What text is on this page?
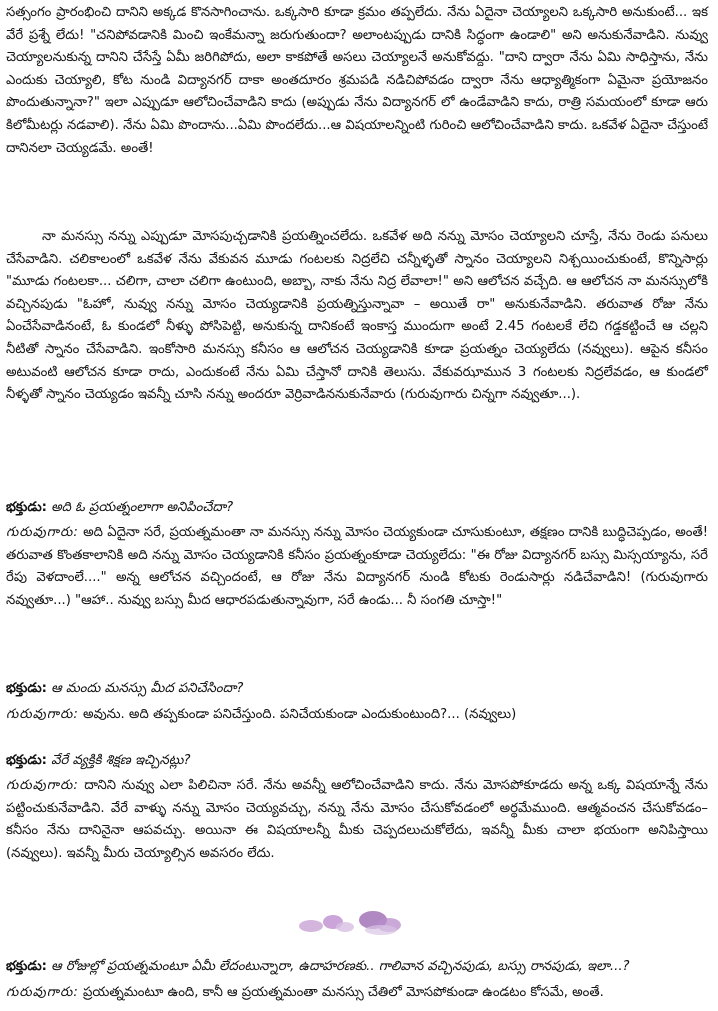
సత్సంగం ప్రారంభించి దానిని అక్కడ కొనసాగించాను. ఒక్కసారి కూడా క్రమం తప్పలేదు. నేను ఏదైనా చెయ్యాలని ఒక్కసారి అనుకుంటే... ఇక వేరే ప్రశ్నే లేదు! "చనిపోవడానికి మించి ఇంకేమన్నా జరుగుతుందా? అలాంటప్పుడు దానికి సిద్ధంగా ఉండాలి" అని అనుకునేవాడిని. నువ్వు చెయ్యాలనుకున్న దానిని చేసేస్తే ఏమీ జరిగిపోదు, అలా కాకపోతే అసలు చెయ్యాలనే అనుకోవద్దు. "దాని ద్వారా నేను ఏమి సాధిస్తాను, నేను ఎందుకు చెయ్యాలి, కోట నుండి విద్యానగర్ దాకా అంతదూరం శ్రమపడి నడిచిపోవడం ద్వారా నేను ఆధ్యాత్మికంగా ఏమైనా ప్రయోజనం పొందుతున్నానా?" ఇలా ఎప్పుడూ ఆలోచించేవాడిని కాదు (అప్పుడు నేను విద్యానగర్ లో ఉండేవాడిని కాదు, రాత్రి సమయంలో కూడా ఆరు కిలోమీటర్లు నడవాలి). నేను ఏమి పొందాను...ఏమి పొందలేదు...ఆ విషయాలన్నింటి గురించి ఆలోచించేవాడిని కాదు. ఒకవేళ ఏదైనా చేస్తుంటే దానినలా చెయ్యడమే. అంతే!

నా మనస్సు నన్ను ఎప్పుడూ మోసపుచ్చడానికి ప్రయత్నించలేదు. ఒకవేళ అది నన్ను మోసం చెయ్యాలని చూస్తే, నేను రెండు పనులు చేసేవాడిని. చలికాలంలో ఒకవేళ నేను వేకువన మూడు గంటలకు నిద్రలేచి చన్నీళ్ళతో స్నానం చెయ్యాలని నిశ్చయించుకుంటే, కొన్నిసార్లు "మూడు గంటలకా... చలిగా, చాలా చలిగా ఉంటుంది, అబ్బా, నాకు నేను నిద్ర లేవాలా!" అని ఆలోచన వచ్చేది. ఆ ఆలోచన నా మనస్సులోకి వచ్చినపుడు "ఓహో, నువ్వు నన్ను మోసం చెయ్యడానికి ప్రయత్నిస్తున్నావా – అయితే రా" అనుకునేవాడిని. తరువాత రోజు నేను ఏంచేసేవాడినంటే, ఓ కుండలో నీళ్ళు పోసిపెట్టి, అనుకున్న దానికంటే ఇంకాస్త ముందుగా అంటే 2.45 గంటలకే లేచి గడ్డకట్టించే ఆ చల్లని నీటితో స్నానం చేసేవాడిని. ఇంకోసారి మనస్సు కనీసం ఆ ఆలోచన చెయ్యడానికి కూడా ప్రయత్నం చెయ్యలేదు (నవ్వులు). ఆపైన కనీసం అటువంటి ఆలోచన కూడా రాదు, ఎందుకంటే నేను ఏమి చేస్తానో దానికి తెలుసు. వేకువఝామున 3 గంటలకు నిద్రలేవడం, ఆ కుండలో నీళ్ళతో స్నానం చెయ్యడం ఇవన్నీ చూసి నన్ను అందరూ వెర్రివాడిననుకునేవారు (గురువుగారు చిన్నగా నవ్వుతూ...).

భక్తుడు: అది ఓ ప్రయత్నంలాగా అనిపించేదా?

గురువుగారు: అది ఏదైనా సరే, ప్రయత్నమంతా నా మనస్సు నన్ను మోసం చెయ్యకుండా చూసుకుంటూ, తక్షణం దానికి బుద్ధిచెప్పడం, అంతే! తరువాత కొంతకాలానికి అది నన్ను మోసం చెయ్యడానికి కనీసం ప్రయత్నంకూడా చెయ్యలేదు: "ఈ రోజు విద్యానగర్ బస్సు మిస్సయ్యాను, సరే రేపు వెళదాంలే...." అన్న ఆలోచన వచ్చిందంటే, ఆ రోజు నేను విద్యానగర్ నుండి కోటకు రెండుసార్లు నడిచేవాడిని! (గురువుగారు నవ్వుతూ...) "ఆహా.. నువ్వు బస్సు మీద ఆధారపడుతున్నావుగా, సరే ఉండు... నీ సంగతి చూస్తా!"

భక్తుడు: ఆ మందు మనస్సు మీద పనిచేసిందా?

గురువుగారు: అవును. అది తప్పకుండా పనిచేస్తుంది. పనిచేయకుండా ఎందుకుంటుంది?... (నవ్వులు)

భక్తుడు: వేరే వ్యక్తికి శిక్షణ ఇచ్చినట్లు?

గురువుగారు: దానిని నువ్వు ఎలా పిలిచినా సరే. నేను అవన్నీ ఆలోచించేవాడిని కాదు. నేను మోసపోకూడదు అన్న ఒక్క విషయాన్నే నేను పట్టించుకునేవాడిని. వేరే వాళ్ళు నన్ను మోసం చెయ్యవచ్చు, నన్ను నేను మోసం చేసుకోవడంలో అర్థమేముంది. ఆత్మవంచన చేసుకోవడం– కనీసం నేను దానినైనా ఆపవచ్చు. అయినా ఈ విషయాలన్నీ మీకు చెప్పదలుచుకోలేదు, ఇవన్నీ మీకు చాలా భయంగా అనిపిస్తాయి (నవ్వులు). ఇవన్నీ మీరు చెయ్యాల్సిన అవసరం లేదు.

భక్తుడు: ఆ రోజుల్లో ప్రయత్నమంటూ ఏమీ లేదంటున్నారా, ఉదాహరణకు.. గాలివాన వచ్చినపుడు, బస్సు రానపుడు, ఇలా...?

గురువుగారు: ప్రయత్నమంటూ ఉంది, కానీ ఆ ప్రయత్నమంతా మనస్సు చేతిలో మోసపోకుండా ఉండటం కోసమే, అంతే.
